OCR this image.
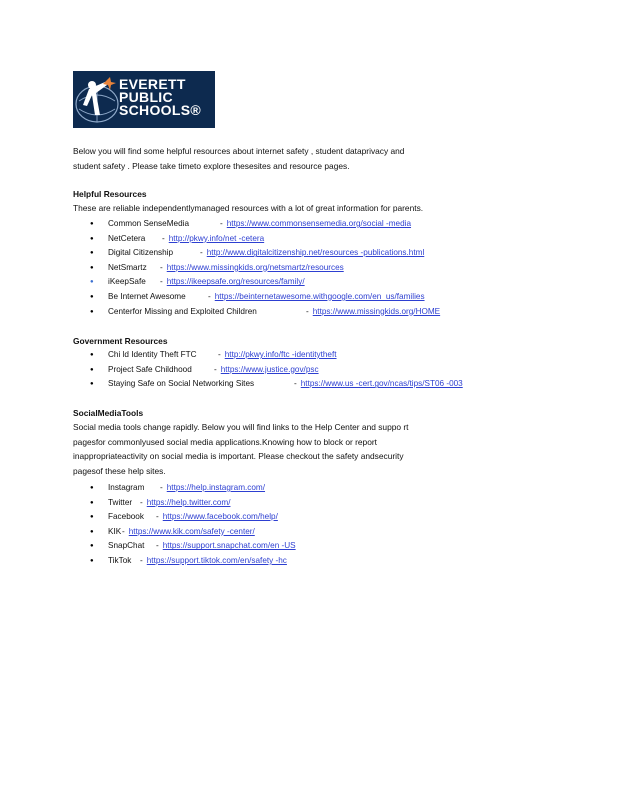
EVERETT
PUBLIC
SCHOOLS®

Below you will find some helpful resources about internet safety , student dataprivacy and

student safety . Please take timeto explore thesesites and resource pages.

Helpful Resources

These are reliable independentlymanaged resources with a lot of great information for parents.

● Common SenseMedia	- https://www.commonsensemedia.org/social -media
● NetCetera - http://pkwy.info/net -cetera
● Digital Citizenship	- http://www.digitalcitizenship.net/resources -publications.html
● NetSmartz - https://www.missingkids.org/netsmartz/resources
● iKeepSafe - https://ikeepsafe.org/resources/family/
● Be Internet Awesome	- https://beinternetawesome.withgoogle.com/en_us/families
● Centerfor Missing and Exploited Children	- https://www.missingkids.org/HOME
Government Resources
● Chi ld Identity Theft FTC	- http://pkwy.info/ftc -identitytheft
● Project Safe Childhood	- https://www.justice.gov/psc
● Staying Safe on Social Networking Sites	- https://www.us -cert.gov/ncas/tips/ST06 -003
SocialMediaTools

Social media tools change rapidly. Below you will find links to the Help Center and suppo rt

pagesfor commonlyused social media applications.Knowing how to block or report

inappropriateactivity on social media is important. Please checkout the safety andsecurity

pagesof these help sites.

● Instagram - https://help.instagram.com/
● Twitter - https://help.twitter.com/
● Facebook - https://www.facebook.com/help/
● KIK- https://www.kik.com/safety -center/
● SnapChat - https://support.snapchat.com/en -US
● TikTok - https://support.tiktok.com/en/safety -hc
